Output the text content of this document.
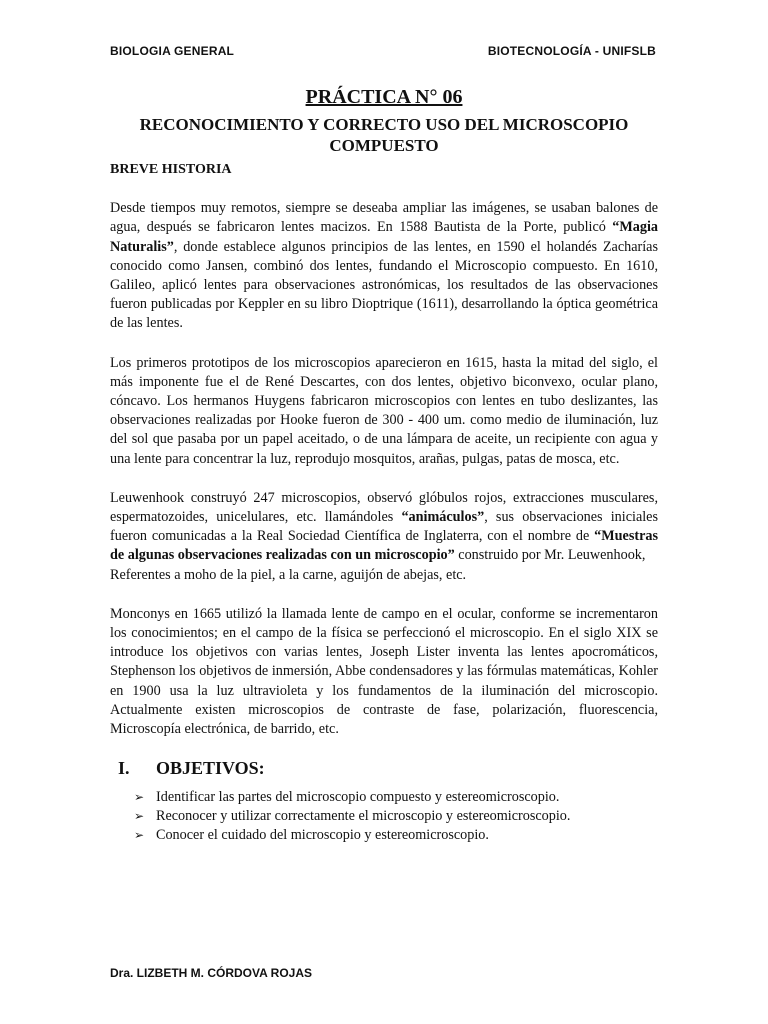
BIOLOGIA GENERAL	BIOTECNOLOGÍA - UNIFSLB
PRÁCTICA N° 06
RECONOCIMIENTO Y CORRECTO USO DEL MICROSCOPIO COMPUESTO
BREVE HISTORIA

Desde tiempos muy remotos, siempre se deseaba ampliar las imágenes, se usaban balones de agua, después se fabricaron lentes macizos. En 1588 Bautista de la Porte, publicó “Magia Naturalis”, donde establece algunos principios de las lentes, en 1590 el holandés Zacharías conocido como Jansen, combinó dos lentes, fundando el Microscopio compuesto. En 1610, Galileo, aplicó lentes para observaciones astronómicas, los resultados de las observaciones fueron publicadas por Keppler en su libro Dioptrique (1611), desarrollando la óptica geométrica de las lentes.

Los primeros prototipos de los microscopios aparecieron en 1615, hasta la mitad del siglo, el más imponente fue el de René Descartes, con dos lentes, objetivo biconvexo, ocular plano, cóncavo. Los hermanos Huygens fabricaron microscopios con lentes en tubo deslizantes, las observaciones realizadas por Hooke fueron de 300 - 400 um. como medio de iluminación, luz del sol que pasaba por un papel aceitado, o de una lámpara de aceite, un recipiente con agua y una lente para concentrar la luz, reprodujo mosquitos, arañas, pulgas, patas de mosca, etc.

Leuwenhook construyó 247 microscopios, observó glóbulos rojos, extracciones musculares, espermatozoides, unicelulares, etc. llamándoles “animáculos”, sus observaciones iniciales fueron comunicadas a la Real Sociedad Científica de Inglaterra, con el nombre de “Muestras de algunas observaciones realizadas con un microscopio” construido por Mr. Leuwenhook,
Referentes a moho de la piel, a la carne, aguijón de abejas, etc.

Monconys en 1665 utilizó la llamada lente de campo en el ocular, conforme se incrementaron los conocimientos; en el campo de la física se perfeccionó el microscopio. En el siglo XIX se introduce los objetivos con varias lentes, Joseph Lister inventa las lentes apocromáticos, Stephenson los objetivos de inmersión, Abbe condensadores y las fórmulas matemáticas, Kohler en 1900 usa la luz ultravioleta y los fundamentos de la iluminación del microscopio. Actualmente existen microscopios de contraste de fase, polarización, fluorescencia, Microscopía electrónica, de barrido, etc.

I.	OBJETIVOS:
➢ Identificar las partes del microscopio compuesto y estereomicroscopio.
➢ Reconocer y utilizar correctamente el microscopio y estereomicroscopio.
➢ Conocer el cuidado del microscopio y estereomicroscopio.
Dra. LIZBETH M. CÓRDOVA ROJAS
